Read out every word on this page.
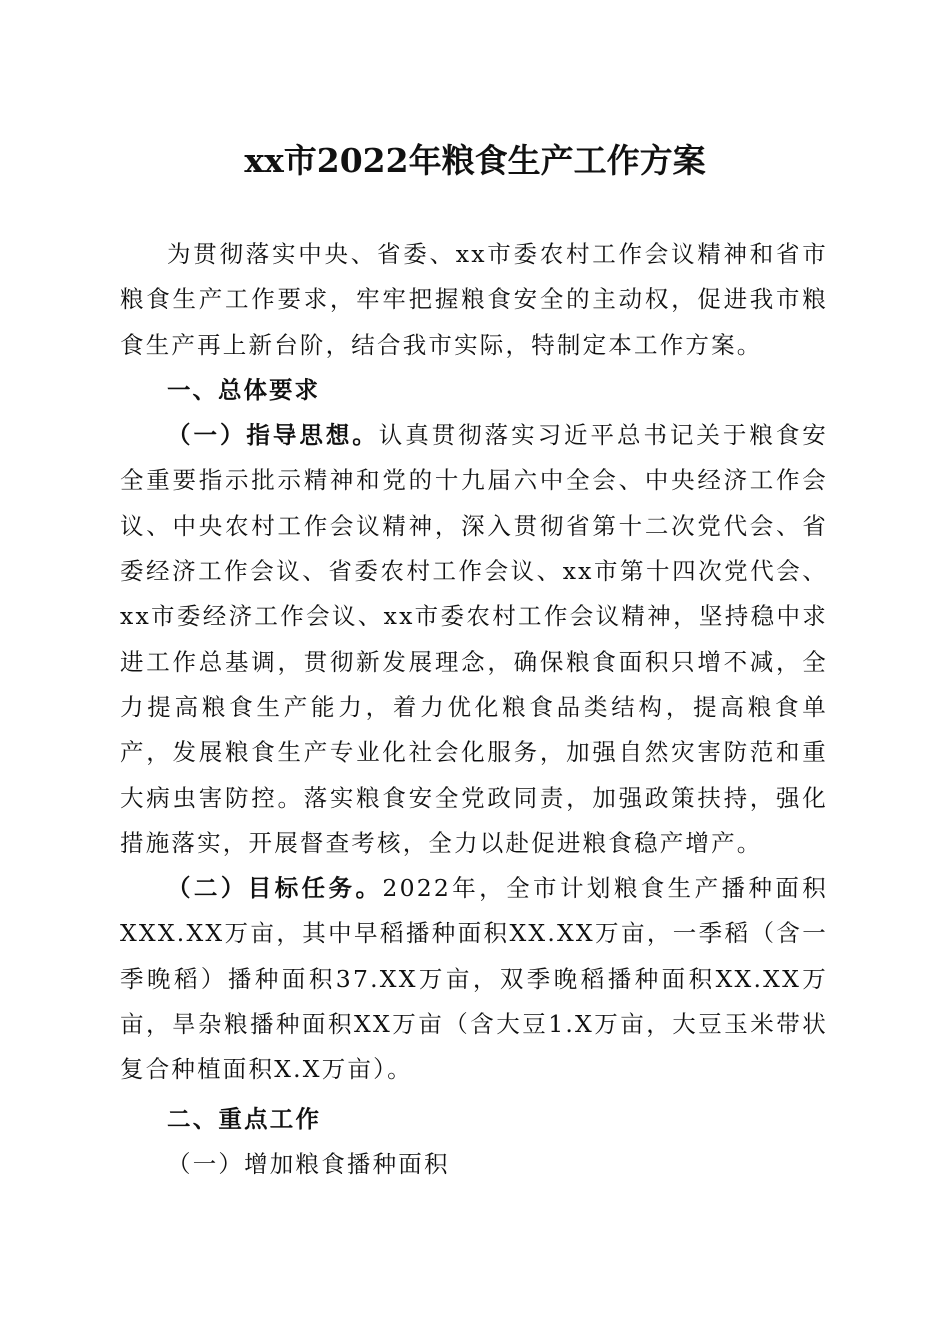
xx市2022年粮食生产工作方案

为贯彻落实中央、省委、xx市委农村工作会议精神和省市粮食生产工作要求，牢牢把握粮食安全的主动权，促进我市粮食生产再上新台阶，结合我市实际，特制定本工作方案。

一、总体要求

（一）指导思想。认真贯彻落实习近平总书记关于粮食安全重要指示批示精神和党的十九届六中全会、中央经济工作会议、中央农村工作会议精神，深入贯彻省第十二次党代会、省委经济工作会议、省委农村工作会议、xx市第十四次党代会、xx市委经济工作会议、xx市委农村工作会议精神，坚持稳中求进工作总基调，贯彻新发展理念，确保粮食面积只增不减，全力提高粮食生产能力，着力优化粮食品类结构，提高粮食单产，发展粮食生产专业化社会化服务，加强自然灾害防范和重大病虫害防控。落实粮食安全党政同责，加强政策扶持，强化措施落实，开展督查考核，全力以赴促进粮食稳产增产。

（二）目标任务。2022年，全市计划粮食生产播种面积XXX.XX万亩，其中早稻播种面积XX.XX万亩，一季稻（含一季晚稻）播种面积37.XX万亩，双季晚稻播种面积XX.XX万亩，旱杂粮播种面积XX万亩（含大豆1.X万亩，大豆玉米带状复合种植面积X.X万亩）。

二、重点工作

（一）增加粮食播种面积
